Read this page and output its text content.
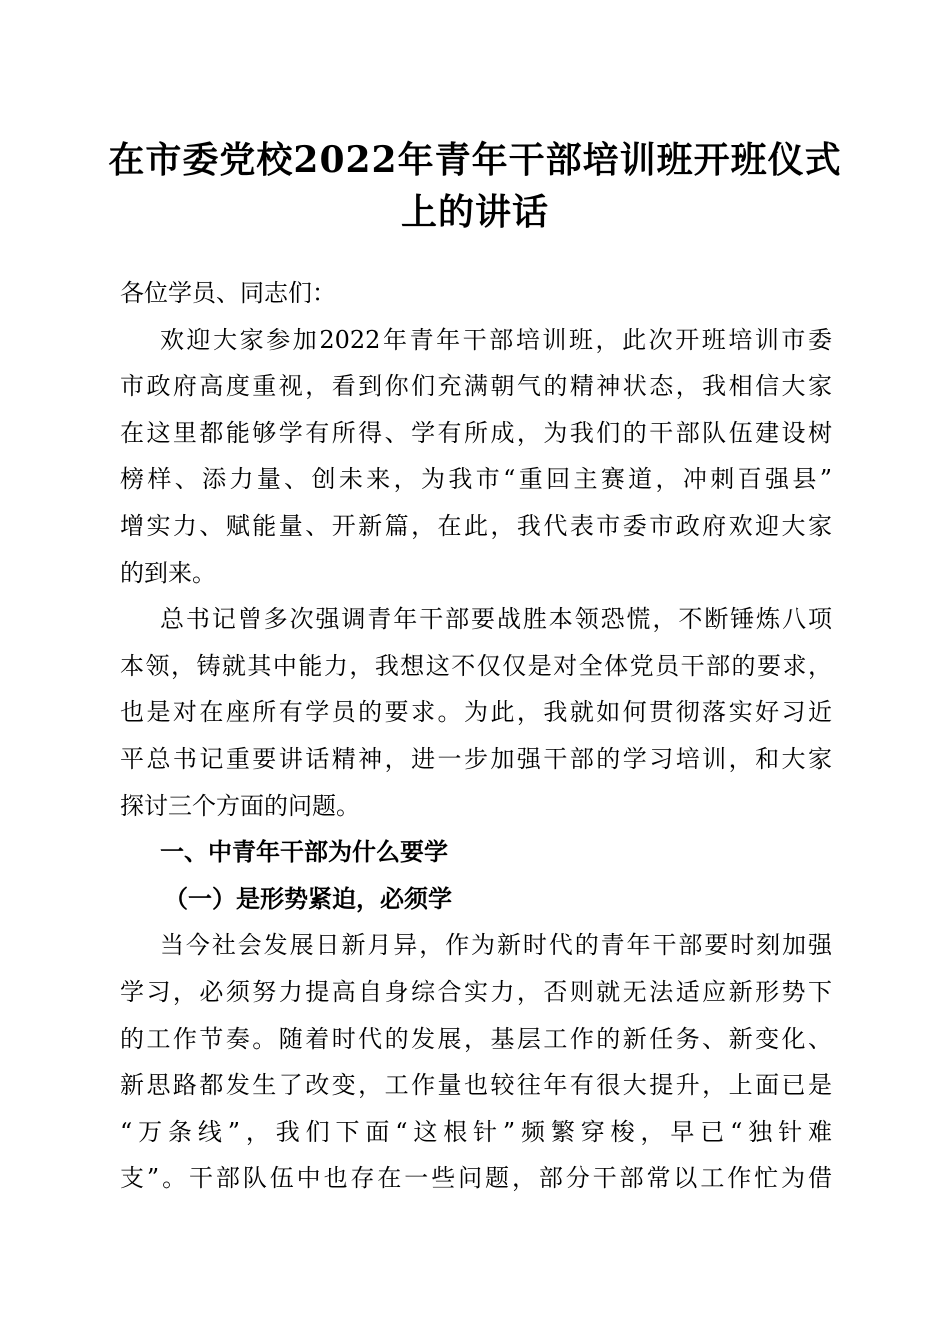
在市委党校2022年青年干部培训班开班仪式
上的讲话
各位学员、同志们：
欢迎大家参加2022年青年干部培训班，此次开班培训市委
市政府高度重视，看到你们充满朝气的精神状态，我相信大家
在这里都能够学有所得、学有所成，为我们的干部队伍建设树
榜样、添力量、创未来，为我市“重回主赛道，冲刺百强县”
增实力、赋能量、开新篇，在此，我代表市委市政府欢迎大家
的到来。
总书记曾多次强调青年干部要战胜本领恐慌，不断锤炼八项
本领，铸就其中能力，我想这不仅仅是对全体党员干部的要求，
也是对在座所有学员的要求。为此，我就如何贯彻落实好习近
平总书记重要讲话精神，进一步加强干部的学习培训，和大家
探讨三个方面的问题。
一、中青年干部为什么要学
（一）是形势紧迫，必须学
当今社会发展日新月异，作为新时代的青年干部要时刻加强
学习，必须努力提高自身综合实力，否则就无法适应新形势下
的工作节奏。随着时代的发展，基层工作的新任务、新变化、
新思路都发生了改变，工作量也较往年有很大提升，上面已是
“万条线”，我们下面“这根针”频繁穿梭，早已“独针难
支”。干部队伍中也存在一些问题，部分干部常以工作忙为借
